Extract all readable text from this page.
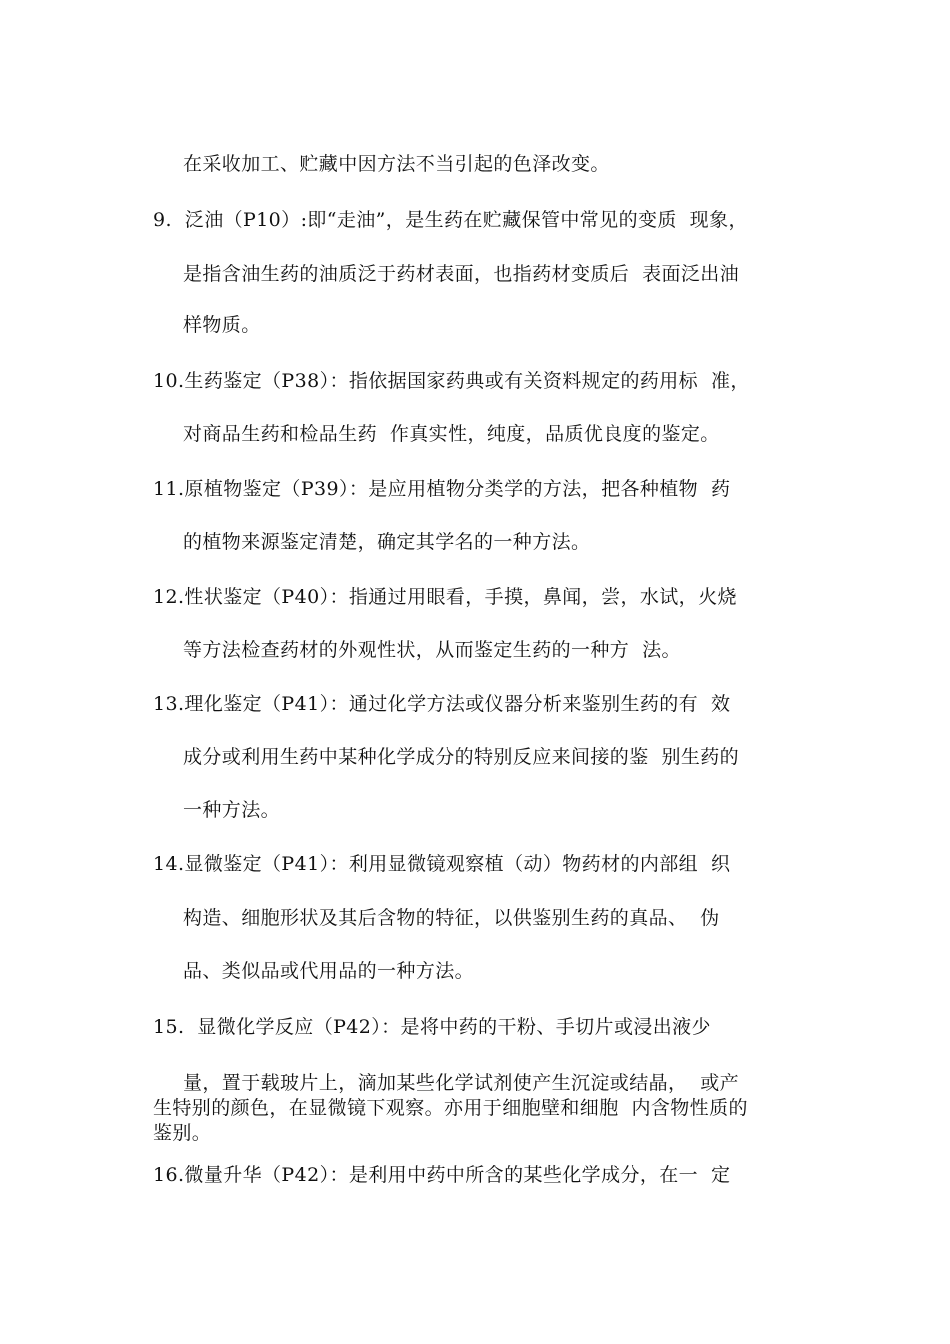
在采收加工、贮藏中因方法不当引起的色泽改变。
9.  泛油（P10）:即“走油”，是生药在贮藏保管中常见的变质  现象，
是指含油生药的油质泛于药材表面，也指药材变质后  表面泛出油
样物质。
10.生药鉴定（P38）：指依据国家药典或有关资料规定的药用标  准，
对商品生药和检品生药  作真实性，纯度，品质优良度的鉴定。
11.原植物鉴定（P39）：是应用植物分类学的方法，把各种植物  药
的植物来源鉴定清楚，确定其学名的一种方法。
12.性状鉴定（P40）：指通过用眼看，手摸，鼻闻，尝，水试，火烧
等方法检查药材的外观性状，从而鉴定生药的一种方  法。
13.理化鉴定（P41）：通过化学方法或仪器分析来鉴别生药的有  效
成分或利用生药中某种化学成分的特别反应来间接的鉴  别生药的
一种方法。
14.显微鉴定（P41）：利用显微镜观察植（动）物药材的内部组  织
构造、细胞形状及其后含物的特征，以供鉴别生药的真品、  伪
品、类似品或代用品的一种方法。
15.  显微化学反应（P42）：是将中药的干粉、手切片或浸出液少
量，置于载玻片上，滴加某些化学试剂使产生沉淀或结晶，  或产
生特别的颜色，在显微镜下观察。亦用于细胞壁和细胞  内含物性质的
鉴别。
16.微量升华（P42）：是利用中药中所含的某些化学成分，在一  定
